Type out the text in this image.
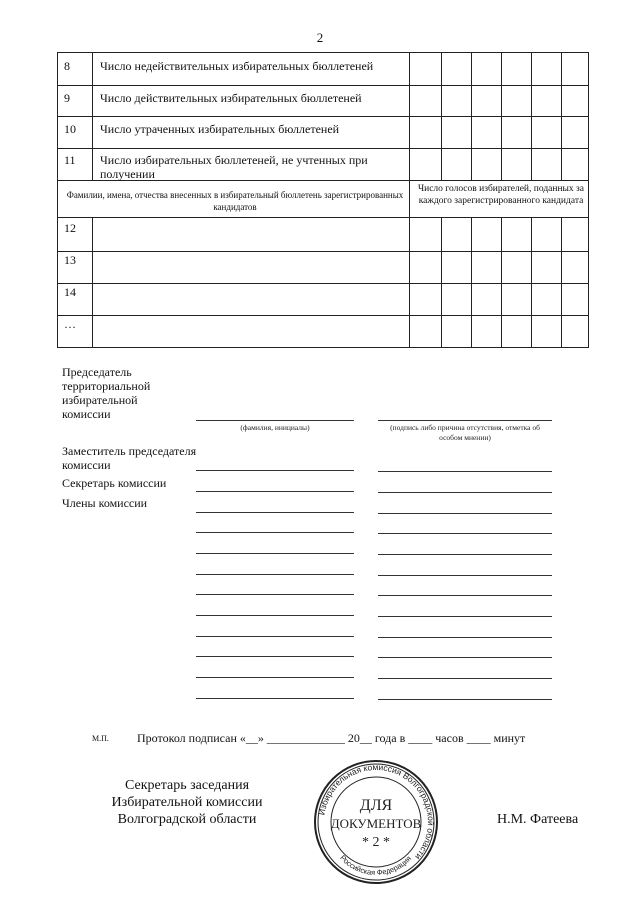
2
8	Число недействительных избирательных бюллетеней
9	Число действительных избирательных бюллетеней
10	Число утраченных избирательных бюллетеней
11	Число избирательных бюллетеней, не учтенных при получении
Фамилии, имена, отчества внесенных в избирательный бюллетень зарегистрированных кандидатов
Число голосов избирателей, поданных за каждого зарегистрированного кандидата
12
13
14
…
Председатель территориальной избирательной комиссии
(фамилия, инициалы)	(подпись либо причина отсутствия, отметка об особом мнении)
Заместитель председателя комиссии
Секретарь комиссии
Члены комиссии
М.П. Протокол подписан «__» _____________ 20__ года в ____ часов ____ минут
Секретарь заседания Избирательной комиссии Волгоградской области	Н.М. Фатеева
Избирательная комиссия Волгоградской области
Российская Федерация
ДЛЯ
ДОКУМЕНТОВ
* 2 *
